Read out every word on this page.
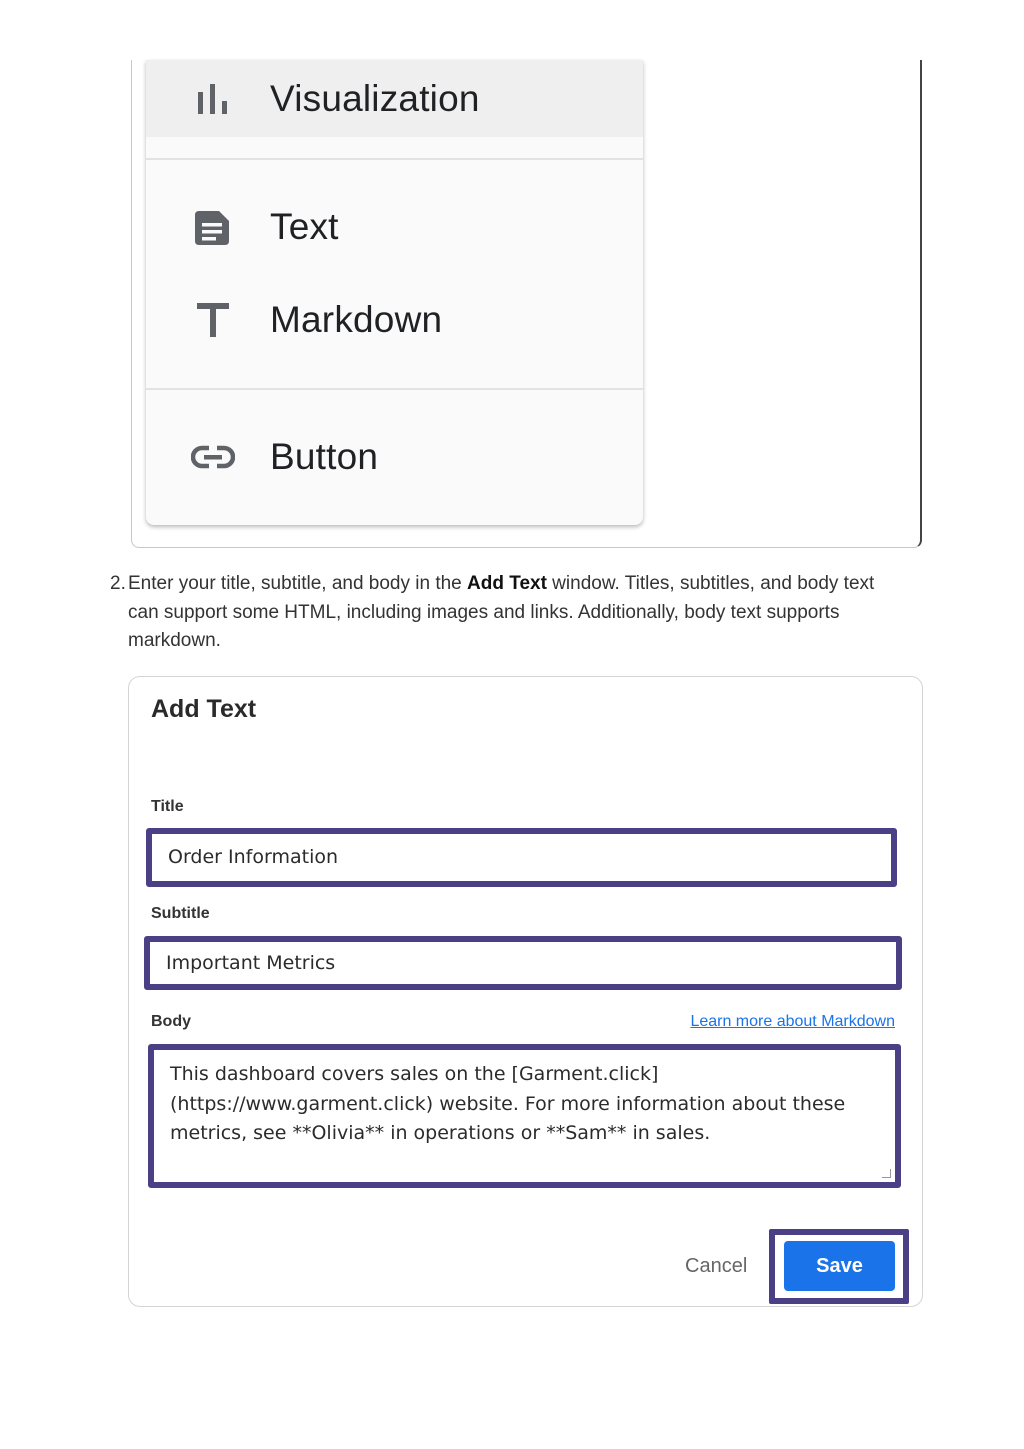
Visualization
Text
Markdown
Button
2. Enter your title, subtitle, and body in the Add Text window. Titles, subtitles, and body text can support some HTML, including images and links. Additionally, body text supports markdown.
Add Text
Title
Order Information
Subtitle
Important Metrics
Body	Learn more about Markdown
This dashboard covers sales on the [Garment.click](https://www.garment.click) website. For more information about these metrics, see **Olivia** in operations or **Sam** in sales.
Cancel	Save
